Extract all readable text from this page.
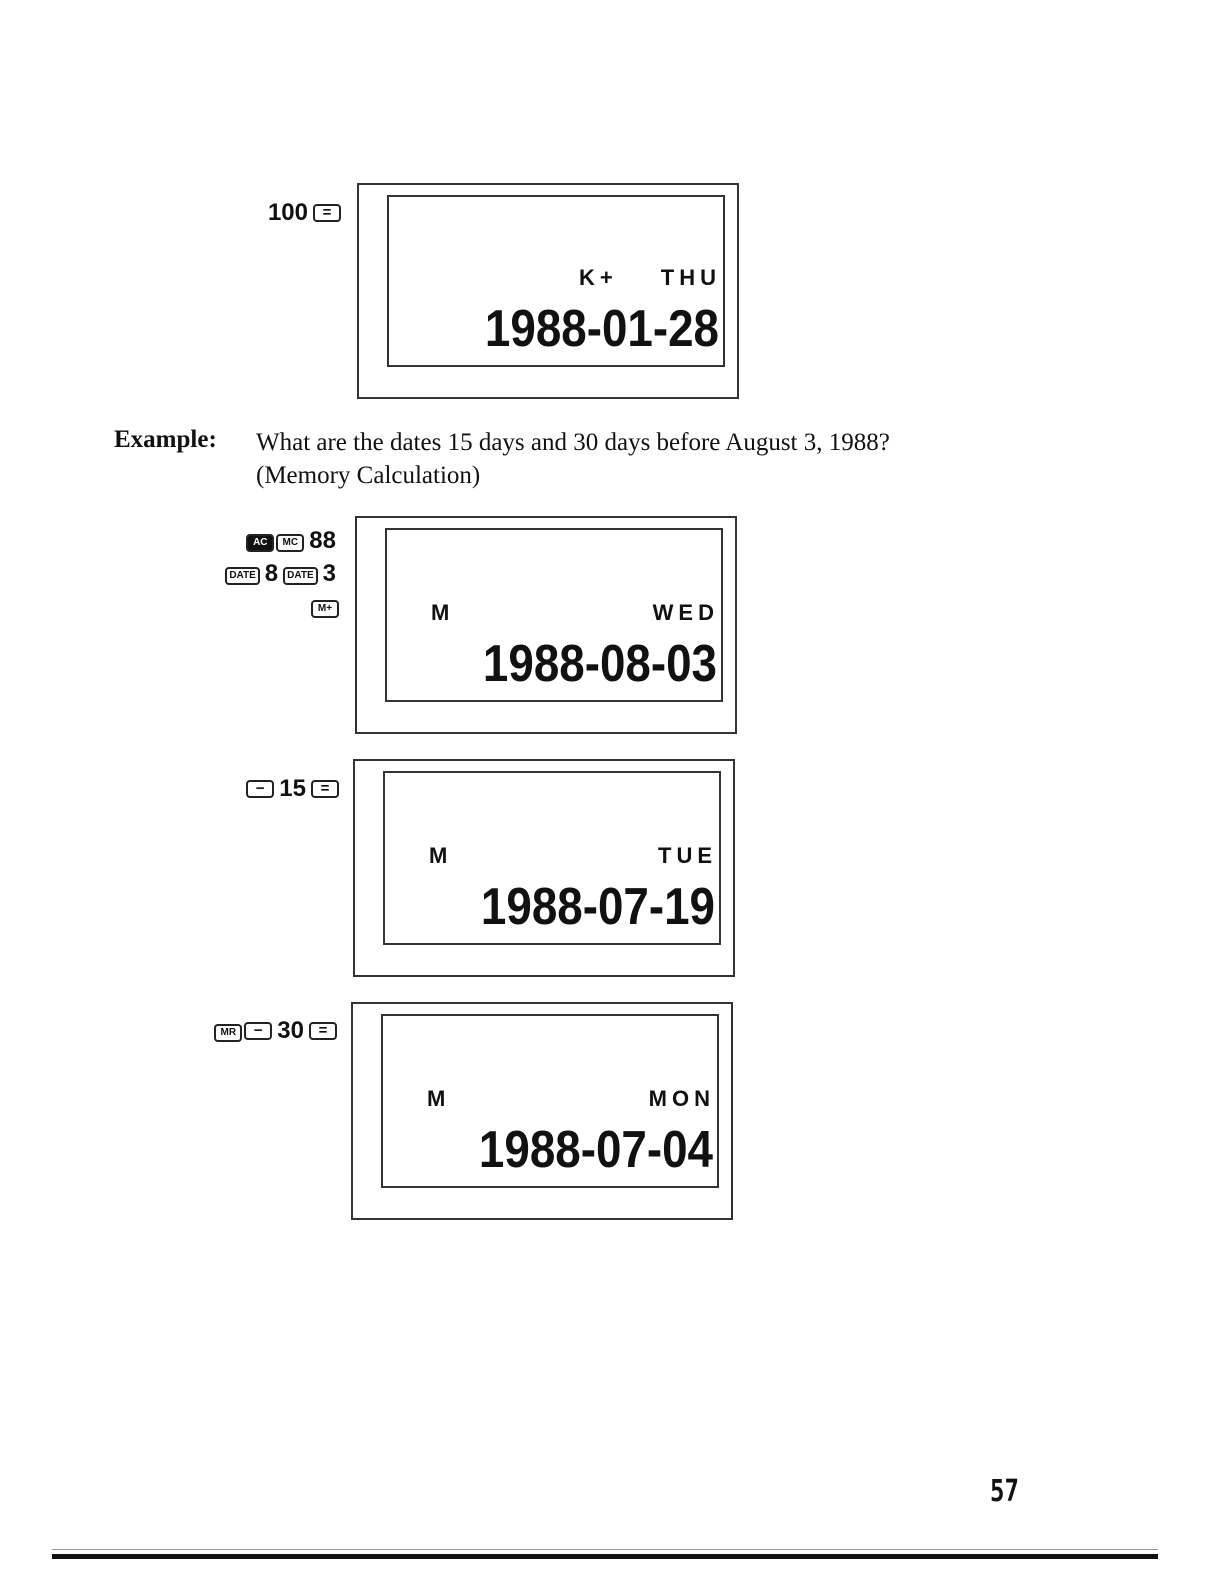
100 =
K+ THU
1988-01-28
Example: What are the dates 15 days and 30 days before August 3, 1988?
(Memory Calculation)
AC MC 88
DATE 8 DATE 3
M+	M	WED
1988-08-03
− 15 =
M	TUE
1988-07-19
MR − 30 =
M	MON
1988-07-04
57
